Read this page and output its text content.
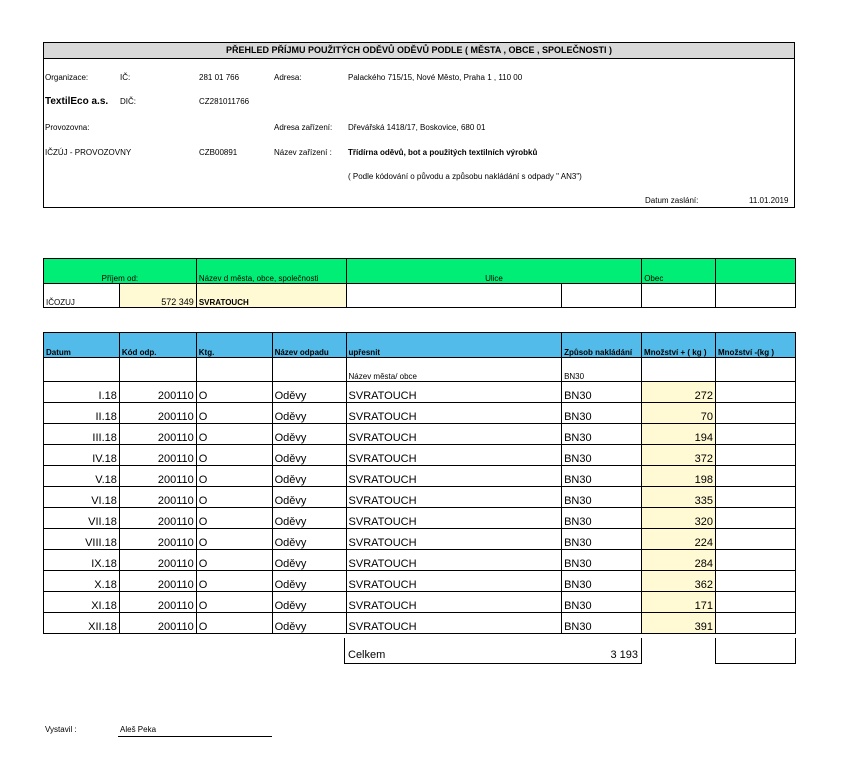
PŘEHLED PŘÍJMU POUŽITÝCH ODĚVŮ ODĚVŮ PODLE ( MĚSTA , OBCE , SPOLEČNOSTI )
Organizace:	IČ:	281 01 766	Adresa:	Palackého 715/15, Nové Město, Praha 1 , 110 00
TextilEco a.s. DIČ:	CZ281011766
Provozovna:	Adresa zařízení: Dřevářská 1418/17, Boskovice, 680 01
IČZÚJ - PROVOZOVNY	CZB00891	Název zařízení : Třídírna oděvů, bot a použitých textilních výrobků
( Podle kódování o původu a způsobu nakládání s odpady " AN3")
Datum zaslání:	11.01.2019
Příjem od:		Název d města, obce, společnosti	Ulice		Obec	
IČOZUJ	572 349	SVRATOUCH				
Datum	Kód odp.	Ktg.	Název odpadu	upřesnit	Způsob nakládání	Množství + ( kg )	Množství -(kg )
				Název města/ obce	BN30		
I.18	200110	O	Oděvy	SVRATOUCH	BN30	272	
II.18	200110	O	Oděvy	SVRATOUCH	BN30	70	
III.18	200110	O	Oděvy	SVRATOUCH	BN30	194	
IV.18	200110	O	Oděvy	SVRATOUCH	BN30	372	
V.18	200110	O	Oděvy	SVRATOUCH	BN30	198	
VI.18	200110	O	Oděvy	SVRATOUCH	BN30	335	
VII.18	200110	O	Oděvy	SVRATOUCH	BN30	320	
VIII.18	200110	O	Oděvy	SVRATOUCH	BN30	224	
IX.18	200110	O	Oděvy	SVRATOUCH	BN30	284	
X.18	200110	O	Oděvy	SVRATOUCH	BN30	362	
XI.18	200110	O	Oděvy	SVRATOUCH	BN30	171	
XII.18	200110	O	Oděvy	SVRATOUCH	BN30	391	
Celkem	3 193
Vystavil :	Aleš Peka
